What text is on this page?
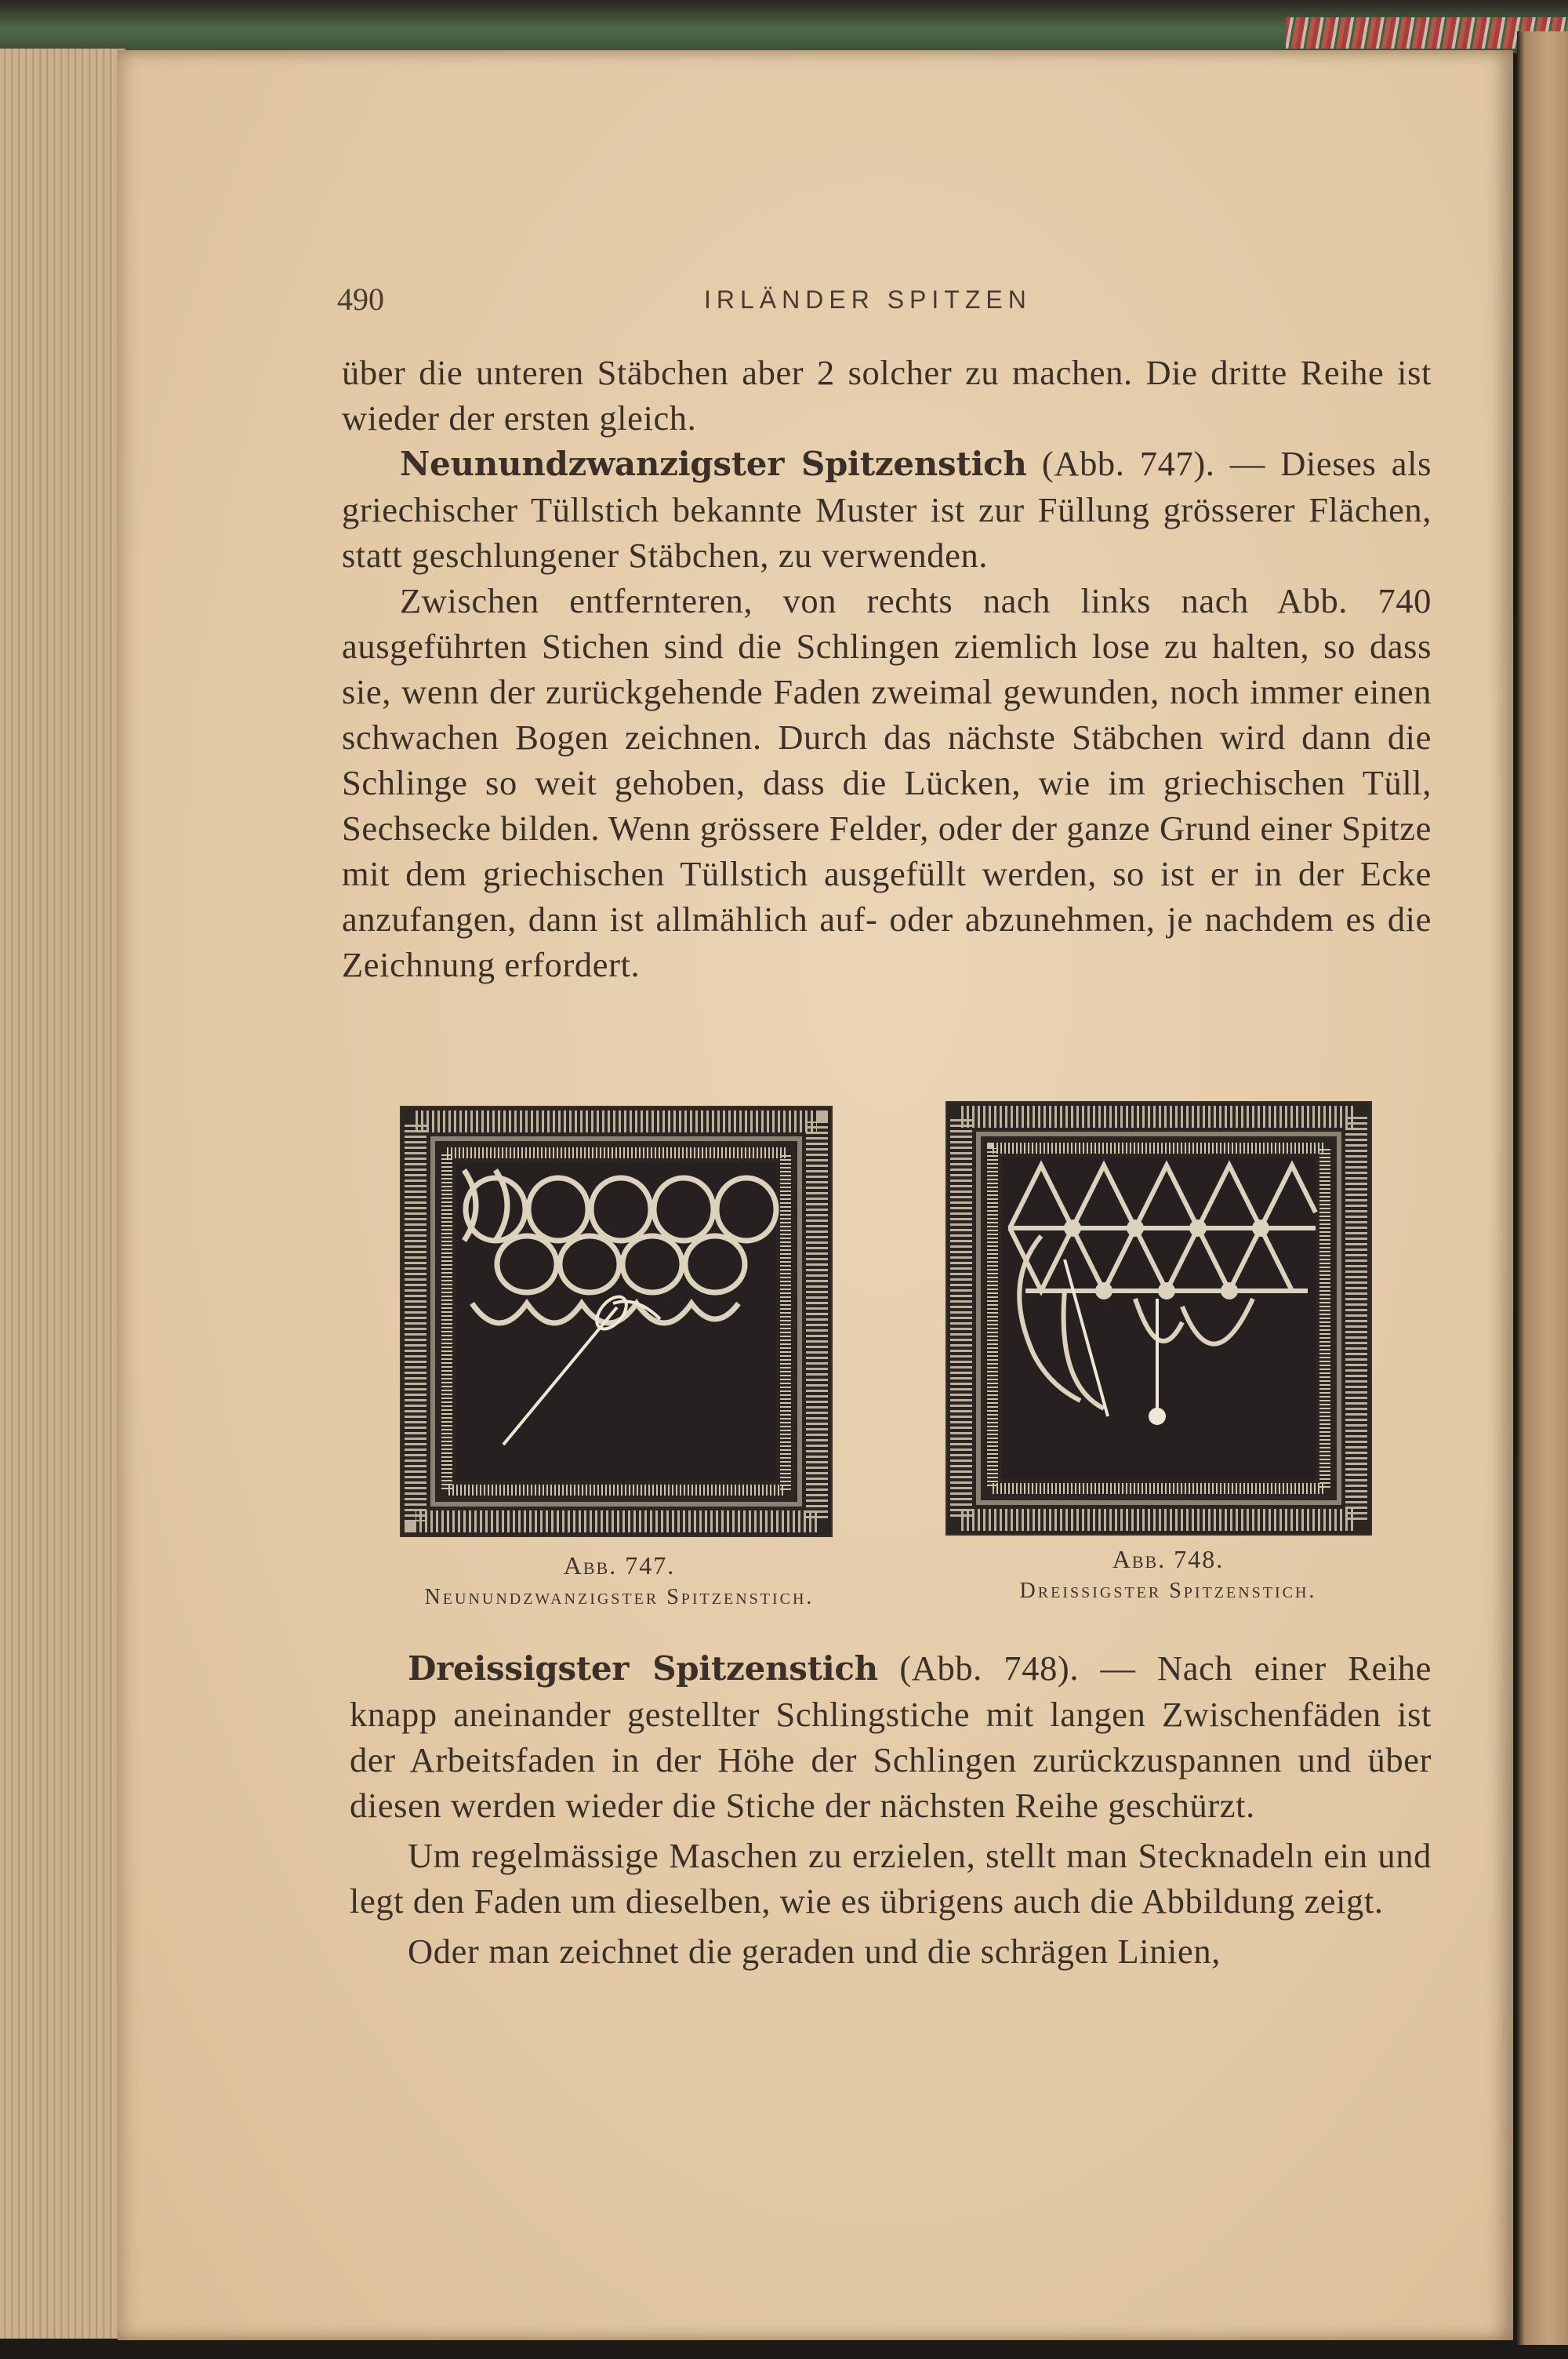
490	IRLÄNDER SPITZEN

über die unteren Stäbchen aber 2 solcher zu machen. Die dritte Reihe ist wieder der ersten gleich.

Neunundzwanzigster Spitzenstich (Abb. 747). — Dieses als griechischer Tüllstich bekannte Muster ist zur Füllung grösserer Flächen, statt geschlungener Stäbchen, zu verwenden.

Zwischen entfernteren, von rechts nach links nach Abb. 740 ausgeführten Stichen sind die Schlingen ziemlich lose zu halten, so dass sie, wenn der zurückgehende Faden zweimal gewunden, noch immer einen schwachen Bogen zeichnen. Durch das nächste Stäbchen wird dann die Schlinge so weit gehoben, dass die Lücken, wie im griechischen Tüll, Sechsecke bilden. Wenn grössere Felder, oder der ganze Grund einer Spitze mit dem griechischen Tüllstich ausgefüllt werden, so ist er in der Ecke anzufangen, dann ist allmählich auf- oder abzunehmen, je nachdem es die Zeichnung erfordert.

Abb. 747.
Neunundzwanzigster Spitzenstich.
Abb. 748.
Dreissigster Spitzenstich.

Dreissigster Spitzenstich (Abb. 748). — Nach einer Reihe knapp aneinander gestellter Schlingstiche mit langen Zwischenfäden ist der Arbeitsfaden in der Höhe der Schlingen zurückzuspannen und über diesen werden wieder die Stiche der nächsten Reihe geschürzt.

Um regelmässige Maschen zu erzielen, stellt man Stecknadeln ein und legt den Faden um dieselben, wie es übrigens auch die Abbildung zeigt.

Oder man zeichnet die geraden und die schrägen Linien,
